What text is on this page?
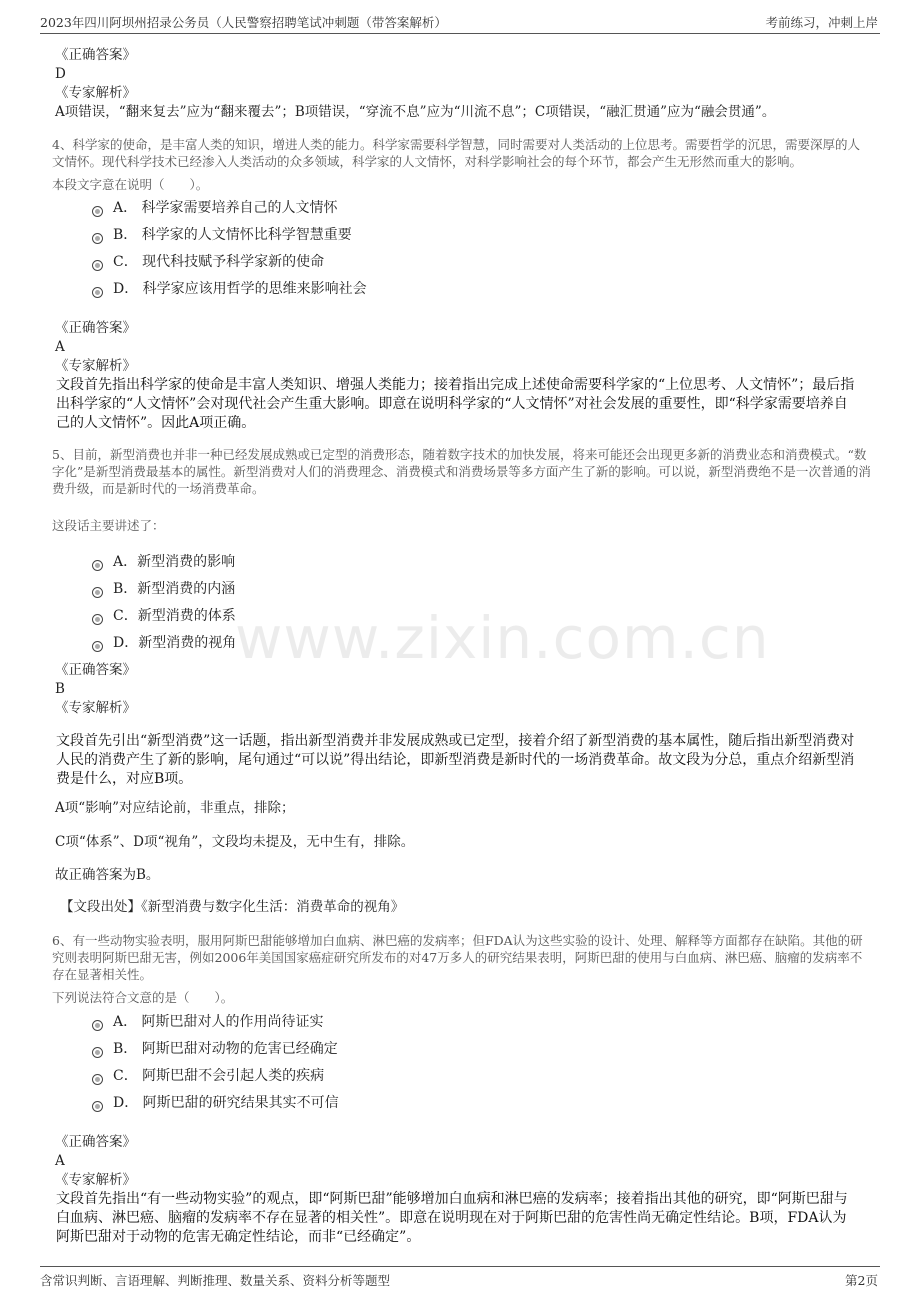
2023年四川阿坝州招录公务员（人民警察招聘笔试冲刺题（带答案解析）	考前练习，冲刺上岸
www.zixin.com.cn
《正确答案》
D
《专家解析》
A项错误，“翻来复去”应为“翻来覆去”；B项错误，“穿流不息”应为“川流不息”；C项错误，“融汇贯通”应为“融会贯通”。
4、科学家的使命，是丰富人类的知识，增进人类的能力。科学家需要科学智慧，同时需要对人类活动的上位思考。需要哲学的沉思，需要深厚的人文情怀。现代科学技术已经渗入人类活动的众多领域，科学家的人文情怀，对科学影响社会的每个环节，都会产生无形然而重大的影响。
本段文字意在说明（　　）。
A． 科学家需要培养自己的人文情怀
B． 科学家的人文情怀比科学智慧重要
C． 现代科技赋予科学家新的使命
D． 科学家应该用哲学的思维来影响社会
《正确答案》
A
《专家解析》
文段首先指出科学家的使命是丰富人类知识、增强人类能力；接着指出完成上述使命需要科学家的“上位思考、人文情怀”；最后指出科学家的“人文情怀”会对现代社会产生重大影响。即意在说明科学家的“人文情怀”对社会发展的重要性，即“科学家需要培养自己的人文情怀”。因此A项正确。
5、目前，新型消费也并非一种已经发展成熟或已定型的消费形态，随着数字技术的加快发展，将来可能还会出现更多新的消费业态和消费模式。“数字化”是新型消费最基本的属性。新型消费对人们的消费理念、消费模式和消费场景等多方面产生了新的影响。可以说，新型消费绝不是一次普通的消费升级，而是新时代的一场消费革命。
这段话主要讲述了：
A．新型消费的影响
B．新型消费的内涵
C．新型消费的体系
D．新型消费的视角
《正确答案》
B
《专家解析》
文段首先引出“新型消费”这一话题，指出新型消费并非发展成熟或已定型，接着介绍了新型消费的基本属性，随后指出新型消费对人民的消费产生了新的影响，尾句通过“可以说”得出结论，即新型消费是新时代的一场消费革命。故文段为分总，重点介绍新型消费是什么，对应B项。
A项“影响”对应结论前，非重点，排除；
C项“体系”、D项“视角”，文段均未提及，无中生有，排除。
故正确答案为B。
【文段出处】《新型消费与数字化生活：消费革命的视角》
6、有一些动物实验表明，服用阿斯巴甜能够增加白血病、淋巴癌的发病率；但FDA认为这些实验的设计、处理、解释等方面都存在缺陷。其他的研究则表明阿斯巴甜无害，例如2006年美国国家癌症研究所发布的对47万多人的研究结果表明，阿斯巴甜的使用与白血病、淋巴癌、脑瘤的发病率不存在显著相关性。
下列说法符合文意的是（　　）。
A． 阿斯巴甜对人的作用尚待证实
B． 阿斯巴甜对动物的危害已经确定
C． 阿斯巴甜不会引起人类的疾病
D． 阿斯巴甜的研究结果其实不可信
《正确答案》
A
《专家解析》
文段首先指出“有一些动物实验”的观点，即“阿斯巴甜”能够增加白血病和淋巴癌的发病率；接着指出其他的研究，即“阿斯巴甜与白血病、淋巴癌、脑瘤的发病率不存在显著的相关性”。即意在说明现在对于阿斯巴甜的危害性尚无确定性结论。B项，FDA认为阿斯巴甜对于动物的危害无确定性结论，而非“已经确定”。
含常识判断、言语理解、判断推理、数量关系、资料分析等题型	第2页
